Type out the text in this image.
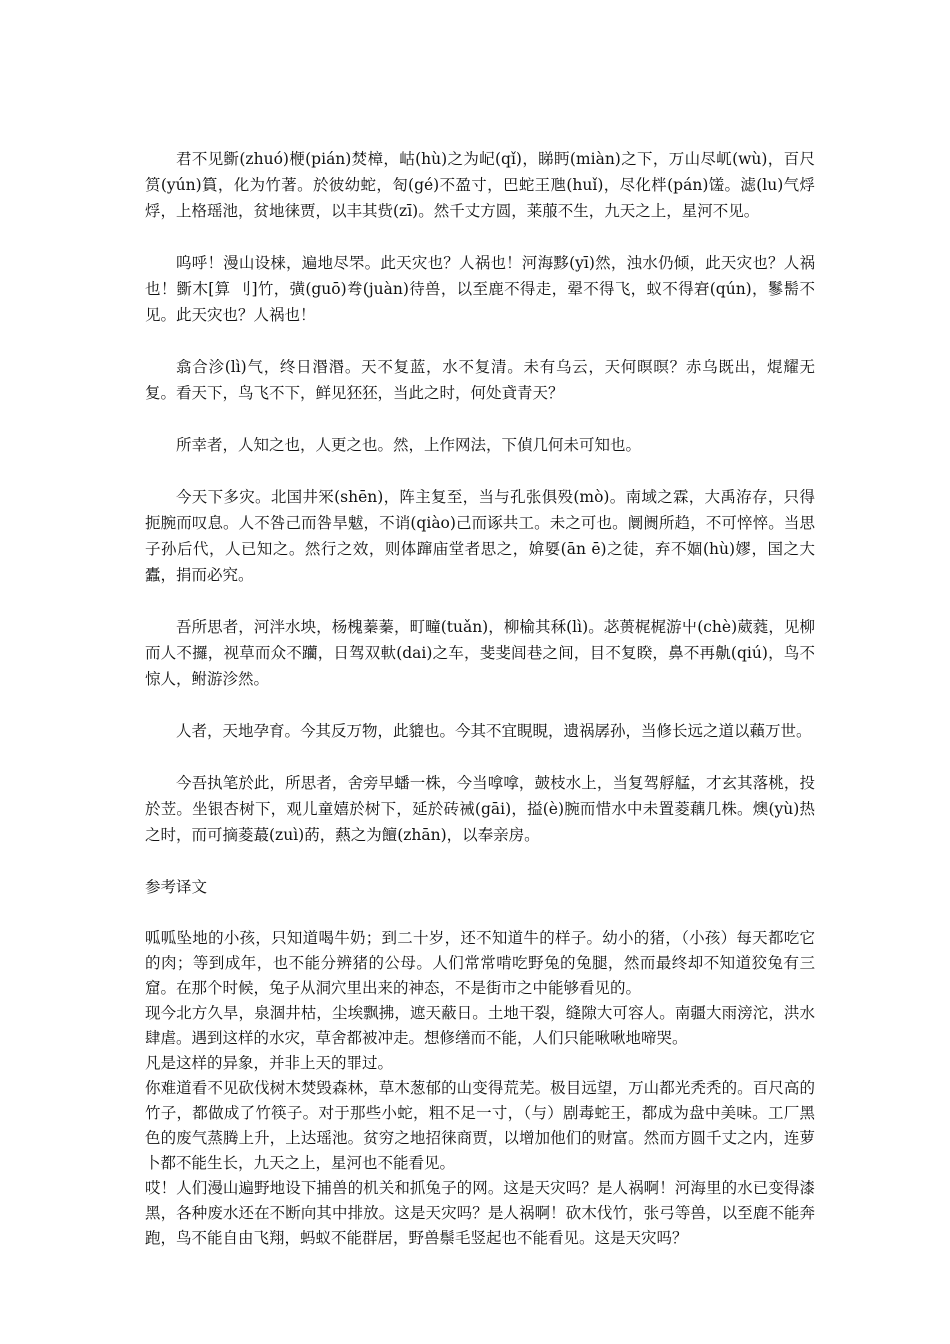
君不见斵(zhuó)楩(pián)焚樟，岵(hù)之为屺(qǐ)，睇眄(miàn)之下，万山尽屼(wù)，百尺筼(yún)篔，化为竹著。於彼幼蛇，匌(gé)不盈寸，巴蛇王虺(huǐ)，尽化柈(pán)馐。滤(lu)气烰烰，上格瑶池，贫地徕贾，以丰其赀(zī)。然千丈方圆，莱菔不生，九天之上，星河不见。

呜呼！漫山设梾，遍地尽罘。此天灾也？人祸也！河海黟(yī)然，浊水仍倾，此天灾也？人祸也！斵木[算 刂]竹，彉(guō)弮(juàn)待兽，以至鹿不得走，翚不得飞，蚁不得宭(qún)，鬖髵不见。此天灾也？人祸也！

翕合沴(lì)气，终日湣湣。天不复蓝，水不复清。未有乌云，天何暝暝？赤乌既出，焜耀无复。看天下，鸟飞不下，鲜见狉狉，当此之时，何处貣青天？

所幸者，人知之也，人更之也。然，上作网法，下偵几何未可知也。

今天下多灾。北国井冞(shēn)，阵主复至，当与孔张俱殁(mò)。南域之霖，大禹洊存，只得扼腕而叹息。人不咎己而咎旱魃，不诮(qiào)己而诼共工。未之可也。阛阓所趋，不可悴悴。当思子孙后代，人已知之。然行之效，则体蹿庙堂者思之，媕娿(ān ē)之徒，弃不婟(hù)嫪，国之大蠹，捐而必究。

吾所思者，河泮水坱，杨槐蓁蓁，町疃(tuǎn)，柳榆其秝(lì)。苾蒉梶梶游屮(chè)葳蕤，见柳而人不攞，视草而众不躪，日驾双軑(dai)之车，斐斐闾巷之间，目不复睽，鼻不再鼽(qiú)，鸟不惊人，鲋游沴然。

人者，天地孕育。今其反万物，此貔也。今其不宜睍睍，遗祸孱孙，当修长远之道以藾万世。

今吾执笔於此，所思者，舍旁早蟠一株，今当嗱嗱，皷枝水上，当复驾艀艋，才玄其落桃，投於苙。坐银杏树下，观儿童嬉於树下，延於砖祴(gāi)，搤(è)腕而惜水中未置菱藕几株。燠(yù)热之时，而可摘菱蕞(zuì)菂，爇之为饘(zhān)，以奉亲房。

参考译文

呱呱坠地的小孩，只知道喝牛奶；到二十岁，还不知道牛的样子。幼小的猪，（小孩）每天都吃它的肉；等到成年，也不能分辨猪的公母。人们常常啃吃野兔的兔腿，然而最终却不知道狡兔有三窟。在那个时候，兔子从洞穴里出来的神态，不是街市之中能够看见的。

现今北方久旱，泉涸井枯，尘埃飘拂，遮天蔽日。土地干裂，缝隙大可容人。南疆大雨滂沱，洪水肆虐。遇到这样的水灾，草舍都被冲走。想修缮而不能，人们只能啾啾地啼哭。

凡是这样的异象，并非上天的罪过。

你难道看不见砍伐树木焚毁森林，草木葱郁的山变得荒芜。极目远望，万山都光秃秃的。百尺高的竹子，都做成了竹筷子。对于那些小蛇，粗不足一寸，（与）剧毒蛇王，都成为盘中美味。工厂黑色的废气蒸腾上升，上达瑶池。贫穷之地招徕商贾，以增加他们的财富。然而方圆千丈之内，连萝卜都不能生长，九天之上，星河也不能看见。

哎！人们漫山遍野地设下捕兽的机关和抓兔子的网。这是天灾吗？是人祸啊！河海里的水已变得漆黑，各种废水还在不断向其中排放。这是天灾吗？是人祸啊！砍木伐竹，张弓等兽，以至鹿不能奔跑，鸟不能自由飞翔，蚂蚁不能群居，野兽鬃毛竖起也不能看见。这是天灾吗？
